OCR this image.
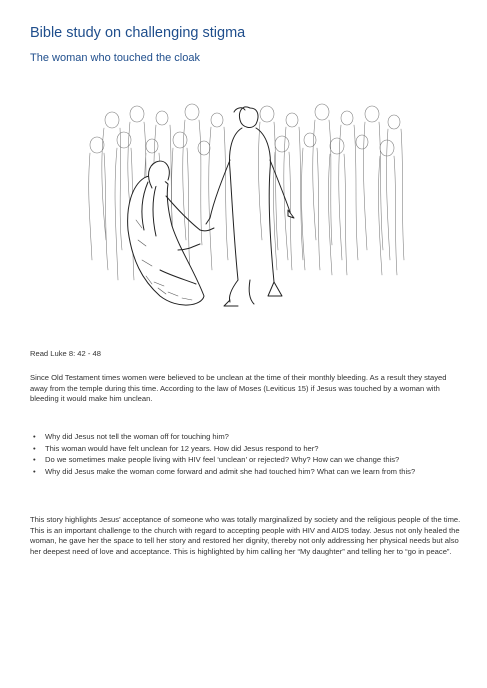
Bible study on challenging stigma
The woman who touched the cloak

Read Luke 8: 42 - 48

Since Old Testament times women were believed to be unclean at the time of their monthly bleeding. As a result they stayed away from the temple during this time. According to the law of Moses (Leviticus 15) if Jesus was touched by a woman with bleeding it would make him unclean.

• Why did Jesus not tell the woman off for touching him?
• This woman would have felt unclean for 12 years. How did Jesus respond to her?
• Do we sometimes make people living with HIV feel ‘unclean’ or rejected? Why? How can we change this?
• Why did Jesus make the woman come forward and admit she had touched him? What can we learn from this?

This story highlights Jesus’ acceptance of someone who was totally marginalized by society and the religious people of the time. This is an important challenge to the church with regard to accepting people with HIV and AIDS today. Jesus not only healed the woman, he gave her the space to tell her story and restored her dignity, thereby not only addressing her physical needs but also her deepest need of love and acceptance. This is highlighted by him calling her “My daughter” and telling her to “go in peace”.
